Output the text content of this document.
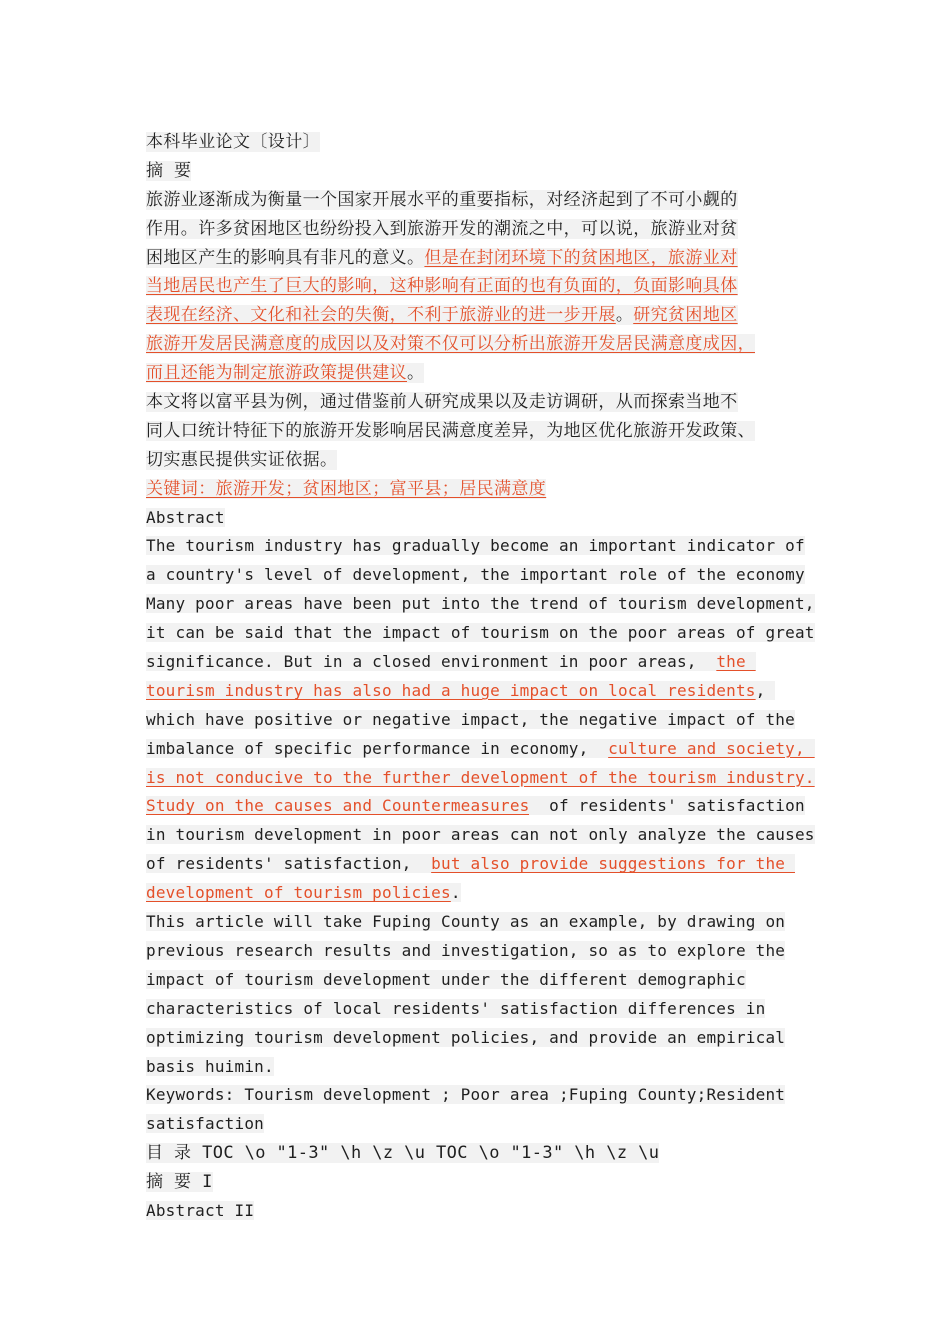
本科毕业论文〔设计〕
摘 要
旅游业逐渐成为衡量一个国家开展水平的重要指标，对经济起到了不可小觑的
作用。许多贫困地区也纷纷投入到旅游开发的潮流之中，可以说，旅游业对贫
困地区产生的影响具有非凡的意义。但是在封闭环境下的贫困地区，旅游业对
当地居民也产生了巨大的影响，这种影响有正面的也有负面的，负面影响具体
表现在经济、文化和社会的失衡，不利于旅游业的进一步开展。研究贫困地区
旅游开发居民满意度的成因以及对策不仅可以分析出旅游开发居民满意度成因，
而且还能为制定旅游政策提供建议。
本文将以富平县为例，通过借鉴前人研究成果以及走访调研，从而探索当地不
同人口统计特征下的旅游开发影响居民满意度差异，为地区优化旅游开发政策、
切实惠民提供实证依据。
关键词：旅游开发；贫困地区；富平县；居民满意度
Abstract
The tourism industry has gradually become an important indicator of
a country's level of development, the important role of the economy
Many poor areas have been put into the trend of tourism development,
it can be said that the impact of tourism on the poor areas of great
significance. But in a closed environment in poor areas,  the
tourism industry has also had a huge impact on local residents,
which have positive or negative impact, the negative impact of the
imbalance of specific performance in economy,  culture and society,
is not conducive to the further development of the tourism industry.
Study on the causes and Countermeasures  of residents' satisfaction
in tourism development in poor areas can not only analyze the causes
of residents' satisfaction,  but also provide suggestions for the
development of tourism policies.
This article will take Fuping County as an example, by drawing on
previous research results and investigation, so as to explore the
impact of tourism development under the different demographic
characteristics of local residents' satisfaction differences in
optimizing tourism development policies, and provide an empirical
basis huimin.
Keywords: Tourism development ; Poor area ;Fuping County;Resident
satisfaction
目 录 TOC \o "1-3" \h \z \u TOC \o "1-3" \h \z \u
摘 要 I
Abstract II
